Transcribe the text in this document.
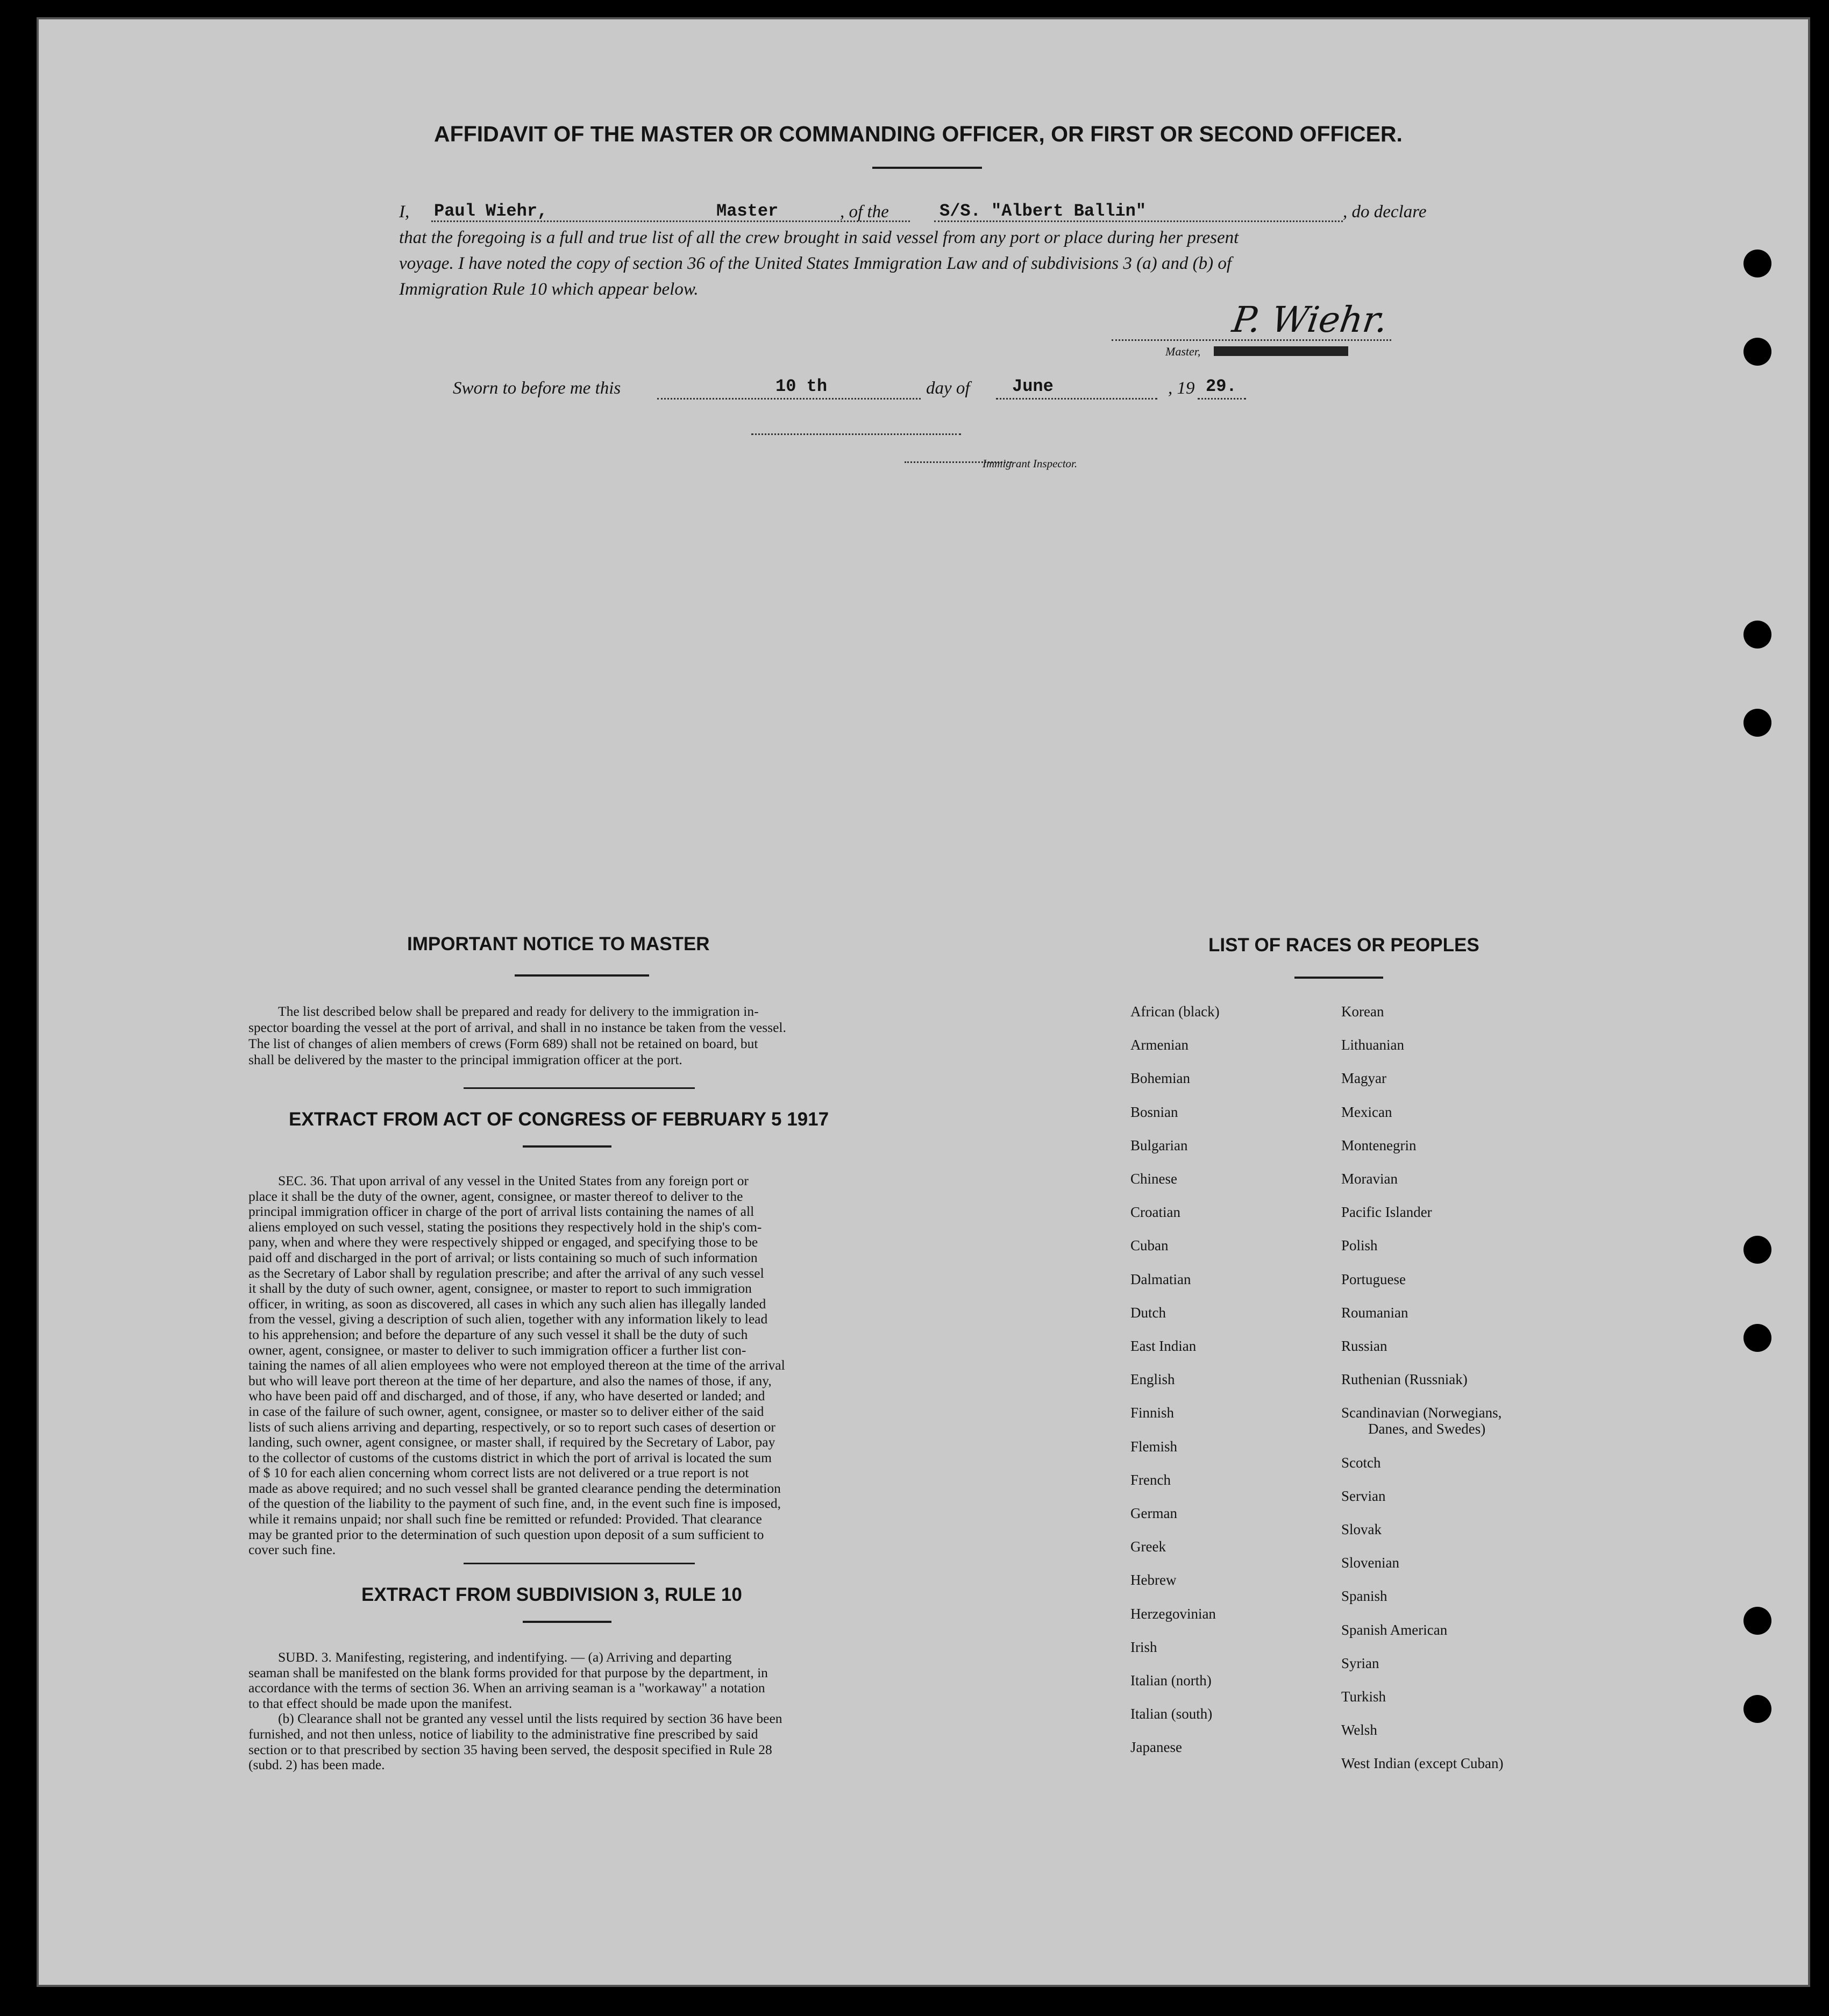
AFFIDAVIT OF THE MASTER OR COMMANDING OFFICER, OR FIRST OR SECOND OFFICER.
I, Paul Wiehr,	Master	, of the	S/S. "Albert Ballin"	, do declare
that the foregoing is a full and true list of all the crew brought in said vessel from any port or place during her present
voyage. I have noted the copy of section 36 of the United States Immigration Law and of subdivisions 3 (a) and (b) of
Immigration Rule 10 which appear below.
P. Wiehr.
Master,
Sworn to before me this	10 th	day of June	, 19 29.
Immigrant Inspector.
IMPORTANT NOTICE TO MASTER
The list described below shall be prepared and ready for delivery to the immigration in-
spector boarding the vessel at the port of arrival, and shall in no instance be taken from the vessel.
The list of changes of alien members of crews (Form 689) shall not be retained on board, but
shall be delivered by the master to the principal immigration officer at the port.
EXTRACT FROM ACT OF CONGRESS OF FEBRUARY 5 1917
SEC. 36. That upon arrival of any vessel in the United States from any foreign port or
place it shall be the duty of the owner, agent, consignee, or master thereof to deliver to the
principal immigration officer in charge of the port of arrival lists containing the names of all
aliens employed on such vessel, stating the positions they respectively hold in the ship's com-
pany, when and where they were respectively shipped or engaged, and specifying those to be
paid off and discharged in the port of arrival; or lists containing so much of such information
as the Secretary of Labor shall by regulation prescribe; and after the arrival of any such vessel
it shall by the duty of such owner, agent, consignee, or master to report to such immigration
officer, in writing, as soon as discovered, all cases in which any such alien has illegally landed
from the vessel, giving a description of such alien, together with any information likely to lead
to his apprehension; and before the departure of any such vessel it shall be the duty of such
owner, agent, consignee, or master to deliver to such immigration officer a further list con-
taining the names of all alien employees who were not employed thereon at the time of the arrival
but who will leave port thereon at the time of her departure, and also the names of those, if any,
who have been paid off and discharged, and of those, if any, who have deserted or landed; and
in case of the failure of such owner, agent, consignee, or master so to deliver either of the said
lists of such aliens arriving and departing, respectively, or so to report such cases of desertion or
landing, such owner, agent consignee, or master shall, if required by the Secretary of Labor, pay
to the collector of customs of the customs district in which the port of arrival is located the sum
of $ 10 for each alien concerning whom correct lists are not delivered or a true report is not
made as above required; and no such vessel shall be granted clearance pending the determination
of the question of the liability to the payment of such fine, and, in the event such fine is imposed,
while it remains unpaid; nor shall such fine be remitted or refunded: Provided. That clearance
may be granted prior to the determination of such question upon deposit of a sum sufficient to
cover such fine.
EXTRACT FROM SUBDIVISION 3, RULE 10
SUBD. 3. Manifesting, registering, and indentifying. — (a) Arriving and departing
seaman shall be manifested on the blank forms provided for that purpose by the department, in
accordance with the terms of section 36. When an arriving seaman is a "workaway" a notation
to that effect should be made upon the manifest.
(b) Clearance shall not be granted any vessel until the lists required by section 36 have been
furnished, and not then unless, notice of liability to the administrative fine prescribed by said
section or to that prescribed by section 35 having been served, the desposit specified in Rule 28
(subd. 2) has been made.
LIST OF RACES OR PEOPLES
African (black)
Armenian
Bohemian
Bosnian
Bulgarian
Chinese
Croatian
Cuban
Dalmatian
Dutch
East Indian
English
Finnish
Flemish
French
German
Greek
Hebrew
Herzegovinian
Irish
Italian (north)
Italian (south)
Japanese
Korean
Lithuanian
Magyar
Mexican
Montenegrin
Moravian
Pacific Islander
Polish
Portuguese
Roumanian
Russian
Ruthenian (Russniak)
Scandinavian (Norwegians,
Danes, and Swedes)
Scotch
Servian
Slovak
Slovenian
Spanish
Spanish American
Syrian
Turkish
Welsh
West Indian (except Cuban)
